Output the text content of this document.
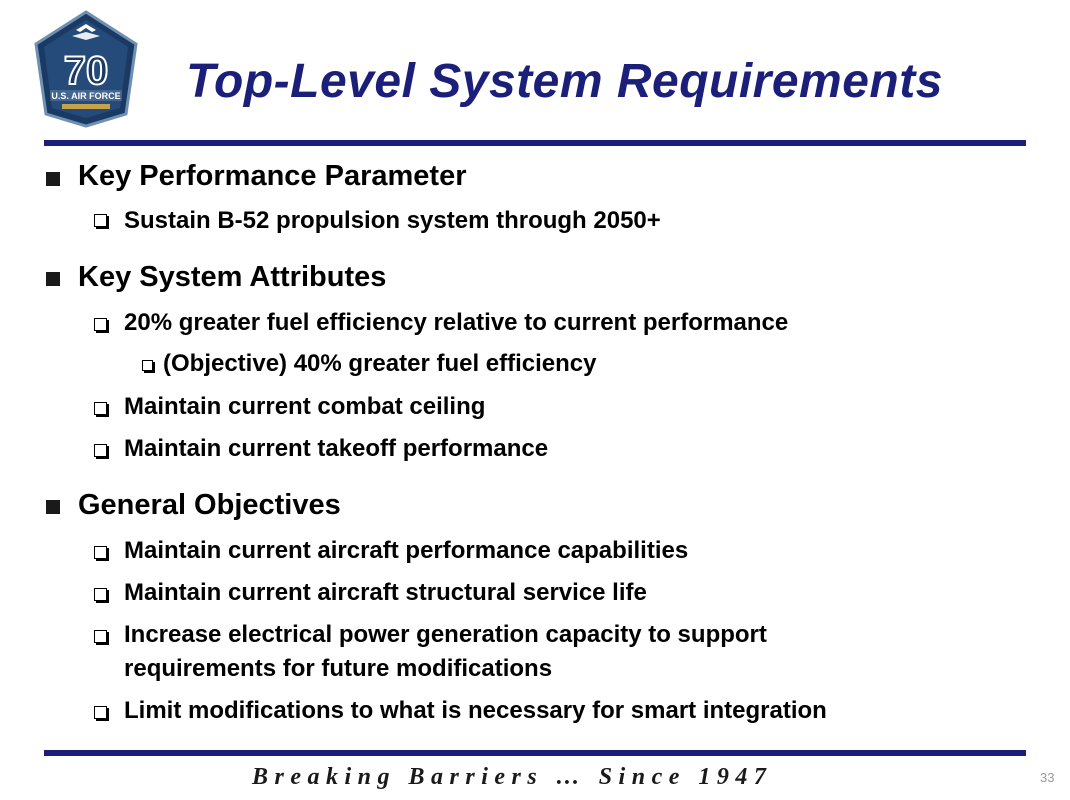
70
U.S. AIR FORCE Top-Level System Requirements
Key Performance Parameter
Sustain B-52 propulsion system through 2050+
Key System Attributes
20% greater fuel efficiency relative to current performance
(Objective) 40% greater fuel efficiency
Maintain current combat ceiling
Maintain current takeoff performance
General Objectives
Maintain current aircraft performance capabilities
Maintain current aircraft structural service life
Increase electrical power generation capacity to support
requirements for future modifications
Limit modifications to what is necessary for smart integration
Breaking Barriers … Since 1947	33
